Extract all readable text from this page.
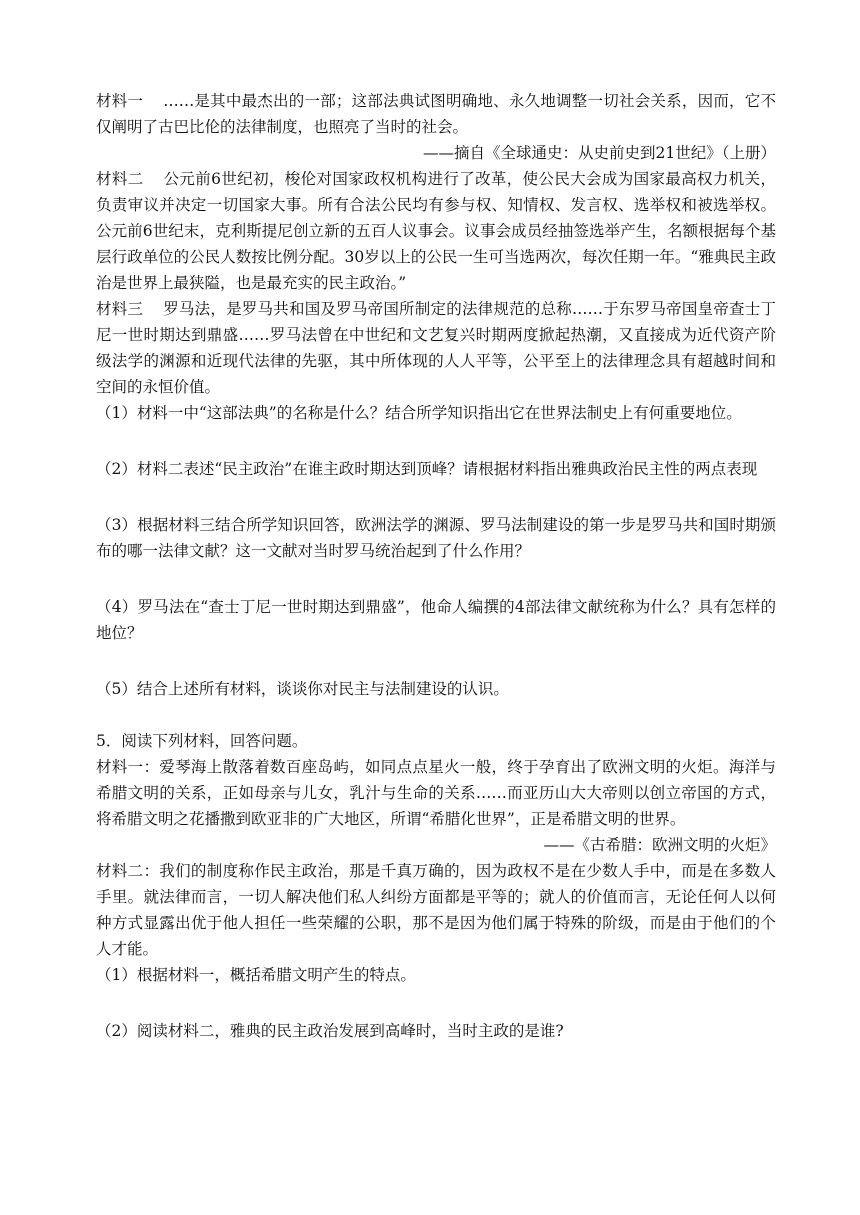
材料一 ……是其中最杰出的一部；这部法典试图明确地、永久地调整一切社会关系，因而，它不仅阐明了古巴比伦的法律制度，也照亮了当时的社会。

——摘自《全球通史：从史前史到21世纪》（上册）

材料二 公元前6世纪初，梭伦对国家政权机构进行了改革，使公民大会成为国家最高权力机关，负责审议并决定一切国家大事。所有合法公民均有参与权、知情权、发言权、选举权和被选举权。公元前6世纪末，克利斯提尼创立新的五百人议事会。议事会成员经抽签选举产生，名额根据每个基层行政单位的公民人数按比例分配。30岁以上的公民一生可当选两次，每次任期一年。“雅典民主政治是世界上最狭隘，也是最充实的民主政治。”

材料三 罗马法，是罗马共和国及罗马帝国所制定的法律规范的总称……于东罗马帝国皇帝查士丁尼一世时期达到鼎盛……罗马法曾在中世纪和文艺复兴时期两度掀起热潮，又直接成为近代资产阶级法学的渊源和近现代法律的先驱，其中所体现的人人平等，公平至上的法律理念具有超越时间和空间的永恒价值。

（1）材料一中“这部法典”的名称是什么？结合所学知识指出它在世界法制史上有何重要地位。

（2）材料二表述“民主政治”在谁主政时期达到顶峰？请根据材料指出雅典政治民主性的两点表现

（3）根据材料三结合所学知识回答，欧洲法学的渊源、罗马法制建设的第一步是罗马共和国时期颁布的哪一法律文献？这一文献对当时罗马统治起到了什么作用？

（4）罗马法在“查士丁尼一世时期达到鼎盛”，他命人编撰的4部法律文献统称为什么？具有怎样的地位？

（5）结合上述所有材料，谈谈你对民主与法制建设的认识。

5．阅读下列材料，回答问题。

材料一：爱琴海上散落着数百座岛屿，如同点点星火一般，终于孕育出了欧洲文明的火炬。海洋与希腊文明的关系，正如母亲与儿女，乳汁与生命的关系……而亚历山大大帝则以创立帝国的方式，将希腊文明之花播撒到欧亚非的广大地区，所谓“希腊化世界”，正是希腊文明的世界。

——《古希腊：欧洲文明的火炬》

材料二：我们的制度称作民主政治，那是千真万确的，因为政权不是在少数人手中，而是在多数人手里。就法律而言，一切人解决他们私人纠纷方面都是平等的；就人的价值而言，无论任何人以何种方式显露出优于他人担任一些荣耀的公职，那不是因为他们属于特殊的阶级，而是由于他们的个人才能。

（1）根据材料一，概括希腊文明产生的特点。

（2）阅读材料二，雅典的民主政治发展到高峰时，当时主政的是谁?
